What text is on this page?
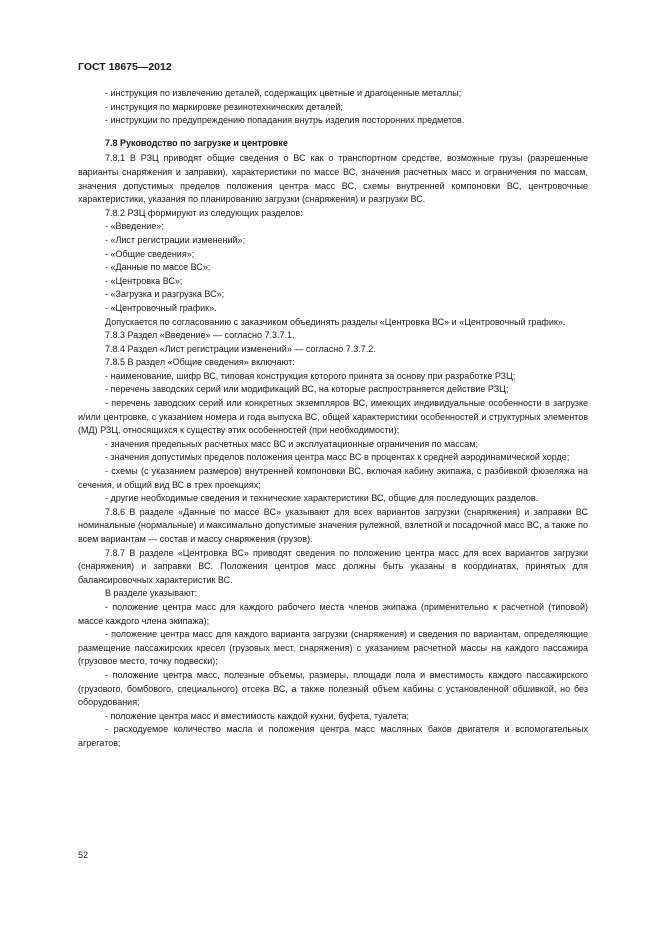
ГОСТ 18675—2012

- инструкция по извлечению деталей, содержащих цветные и драгоценные металлы;

- инструкция по маркировке резинотехнических деталей;

- инструкции по предупреждению попадания внутрь изделия посторонних предметов.

7.8 Руководство по загрузке и центровке

7.8.1 В РЗЦ приводят общие сведения о ВС как о транспортном средстве, возможные грузы (разрешенные варианты снаряжения и заправки), характеристики по массе ВС, значения расчетных масс и ограничения по массам, значения допустимых пределов положения центра масс ВС, схемы внутренней компоновки ВС, центровочные характеристики, указания по планированию загрузки (снаряжения) и разгрузки ВС.

7.8.2 РЗЦ формируют из следующих разделов:

- «Введение»;

- «Лист регистрации изменений»;

- «Общие сведения»;

- «Данные по массе ВС»;

- «Центровка ВС»;

- «Загрузка и разгрузка ВС»;

- «Центровочный график».

Допускается по согласованию с заказчиком объединять разделы «Центровка ВС» и «Центровочный график».

7.8.3 Раздел «Введение» — согласно 7.3.7.1.

7.8.4 Раздел «Лист регистрации изменений» — согласно 7.3.7.2.

7.8.5 В раздел «Общие сведения» включают:

- наименование, шифр ВС, типовая конструкция которого принята за основу при разработке РЗЦ;

- перечень заводских серий или модификаций ВС, на которые распространяется действие РЗЦ;

- перечень заводских серий или конкретных экземпляров ВС, имеющих индивидуальные особенности в загрузке и/или центровке, с указанием номера и года выпуска ВС, общей характеристики особенностей и структурных элементов (МД) РЗЦ, относящихся к существу этих особенностей (при необходимости);

- значения предельных расчетных масс ВС и эксплуатационные ограничения по массам;

- значения допустимых пределов положения центра масс ВС в процентах к средней аэродинамической хорде;

- схемы (с указанием размеров) внутренней компоновки ВС, включая кабину экипажа, с разбивкой фюзеляжа на сечения, и общий вид ВС в трех проекциях;

- другие необходимые сведения и технические характеристики ВС, общие для последующих разделов.

7.8.6 В разделе «Данные по массе ВС» указывают для всех вариантов загрузки (снаряжения) и заправки ВС номинальные (нормальные) и максимально допустимые значения рулежной, взлетной и посадочной масс ВС, а также по всем вариантам — состав и массу снаряжения (грузов).

7.8.7 В разделе «Центровка ВС» приводят сведения по положению центра масс для всех вариантов загрузки (снаряжения) и заправки ВС. Положения центров масс должны быть указаны в координатах, принятых для балансировочных характеристик ВС.

В разделе указывают:

- положение центра масс для каждого рабочего места членов экипажа (применительно к расчетной (типовой) массе каждого члена экипажа);

- положение центра масс для каждого варианта загрузки (снаряжения) и сведения по вариантам, определяющие размещение пассажирских кресел (грузовых мест, снаряжения) с указанием расчетной массы на каждого пассажира (грузовое место, точку подвески);

- положение центра масс, полезные объемы, размеры, площади пола и вместимость каждого пассажирского (грузового, бомбового, специального) отсека ВС, а также полезный объем кабины с установленной обшивкой, но без оборудования;

- положение центра масс и вместимость каждой кухни, буфета, туалета;

- расходуемое количество масла и положения центра масс масляных баков двигателя и вспомогательных агрегатов;

52
